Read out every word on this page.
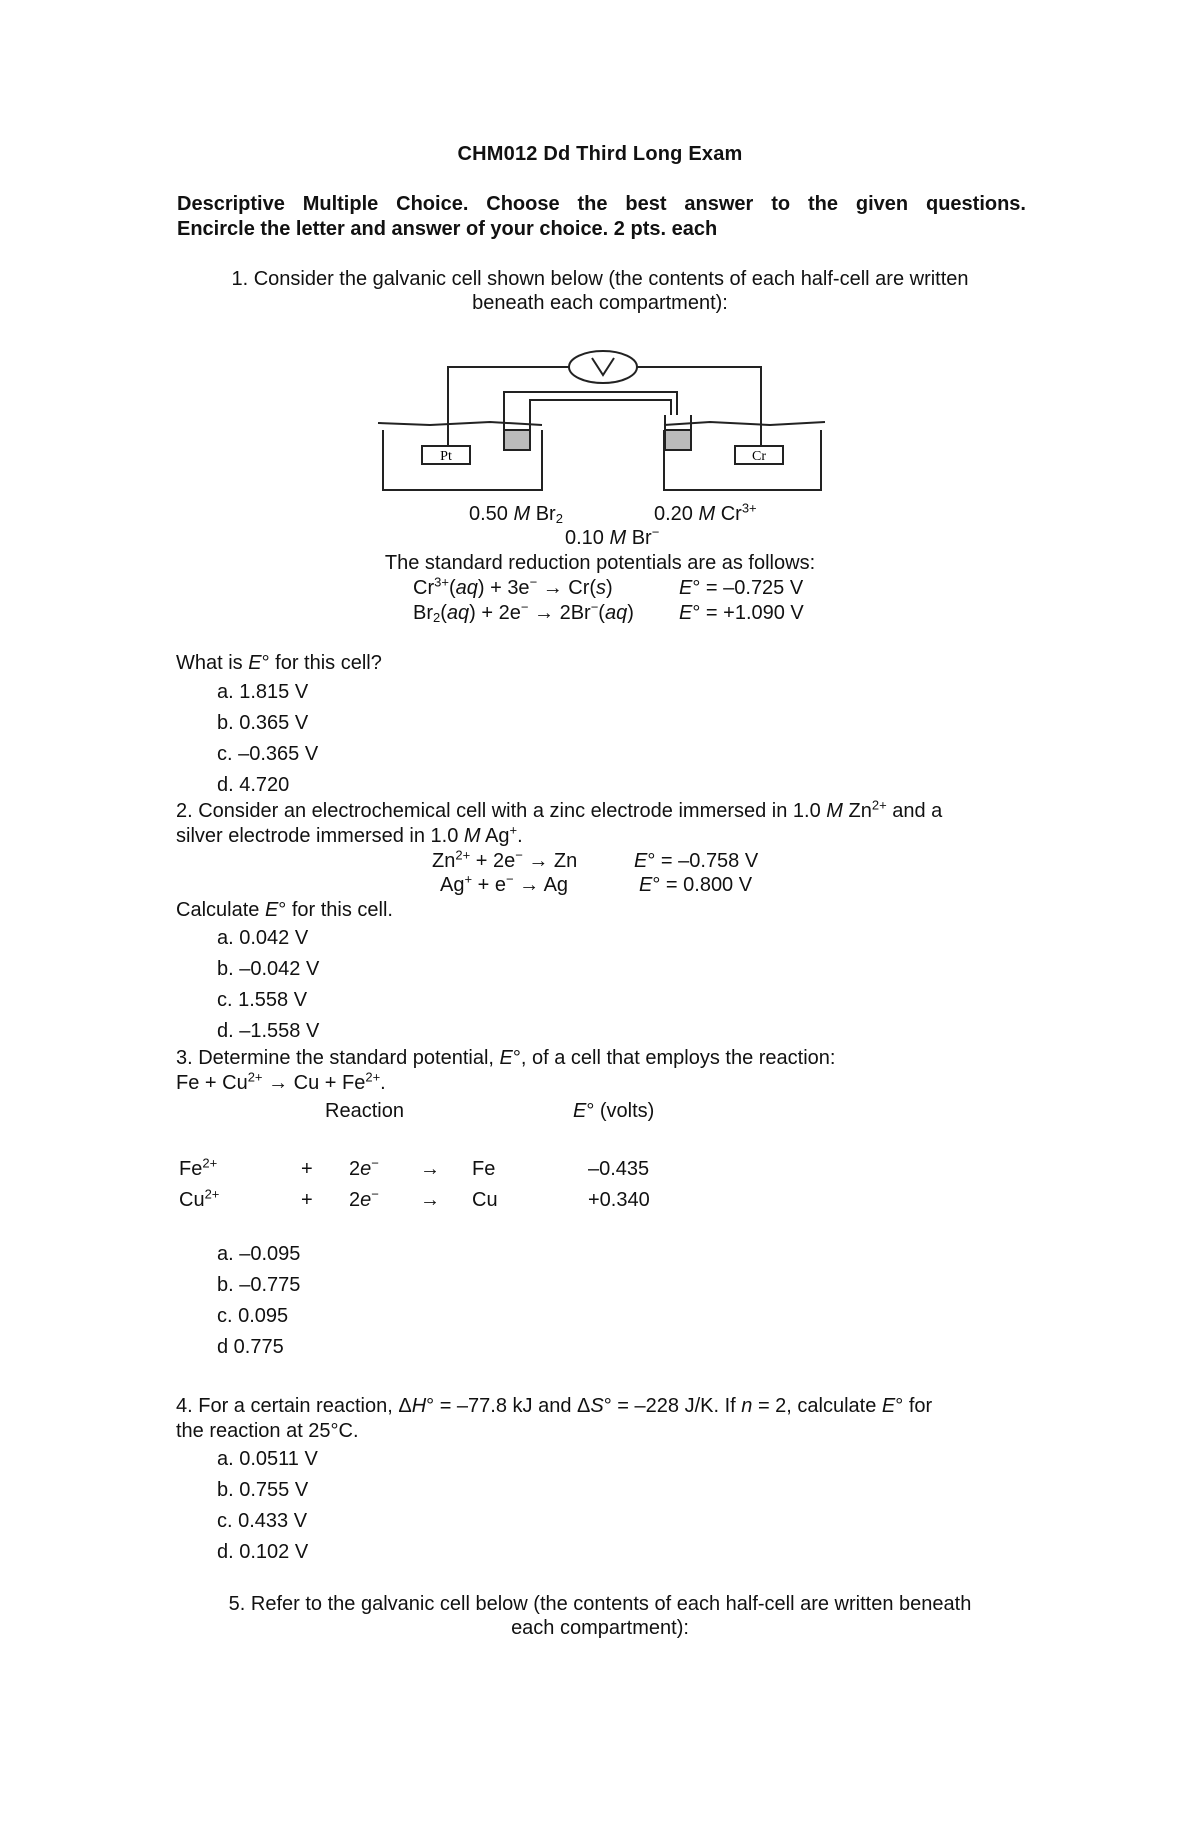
CHM012 Dd Third Long Exam
Descriptive Multiple Choice. Choose the best answer to the given questions.
Encircle the letter and answer of your choice. 2 pts. each
1. Consider the galvanic cell shown below (the contents of each half-cell are written
beneath each compartment):
Pt	Cr
0.50 M $Br_2$	0.20 M $Cr^{3+}$
0.10 M Br−
The standard reduction potentials are as follows:
$Cr^{3+}(aq) + 3e^- \to Cr(s)$	E° = –0.725 V
$Br_2(aq) + 2e^- \to 2Br^-(aq) E^\circ = +1.090$ V
What is E° for this cell?
a. 1.815 V
b. 0.365 V
c. –0.365 V
d. 4.720
2. Consider an electrochemical cell with a zinc electrode immersed in 1.0 M $Zn^{2+}$ and a
silver electrode immersed in 1.0 M Ag+.
$Zn^{2+} + 2e^- \to Zn$	E° = –0.758 V
Ag+ + e− → Ag	E° = 0.800 V
Calculate E° for this cell.
a. 0.042 V
b. –0.042 V
c. 1.558 V
d. –1.558 V
3. Determine the standard potential, E°, of a cell that employs the reaction:
$Fe + Cu^{2+} \to Cu + Fe^{2+}$.
Reaction	E° (volts)
$Fe^{2+}$	+ 2e− → Fe	–0.435
$Cu^{2+}$	+ 2e− → Cu	+0.340
a. –0.095
b. –0.775
c. 0.095
d 0.775
4. For a certain reaction, ΔH° = –77.8 kJ and ΔS° = –228 J/K. If n = 2, calculate E° for
the reaction at 25°C.
a. 0.0511 V
b. 0.755 V
c. 0.433 V
d. 0.102 V
5. Refer to the galvanic cell below (the contents of each half-cell are written beneath
each compartment):
